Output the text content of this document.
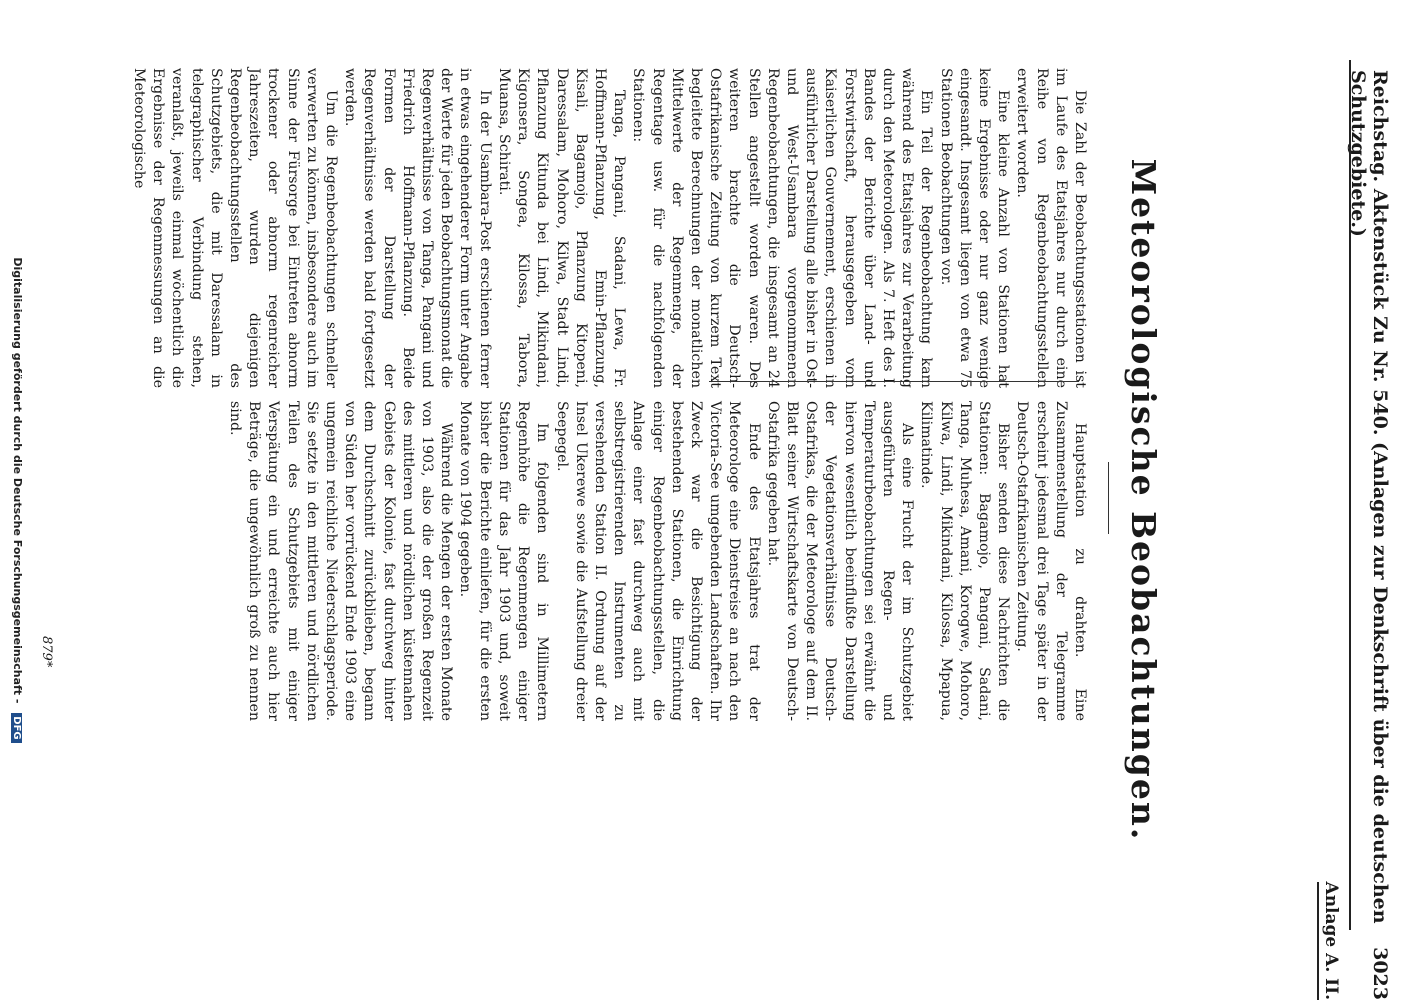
Reichstag. Aktenstück Zu Nr. 540. (Anlagen zur Denkschrift über die deutschen Schutzgebiete.)
3023
Anlage A. II.
Meteorologische Beobachtungen.

Die Zahl der Beobachtungsstationen ist im Laufe des Etatsjahres nur durch eine Reihe von Regenbeobachtungsstellen erweitert worden.

Eine kleine Anzahl von Stationen hat keine Ergebnisse oder nur ganz wenige eingesandt. Insgesamt liegen von etwa 75 Stationen Beobachtungen vor.

Ein Teil der Regenbeobachtung kam während des Etatsjahres zur Verarbeitung durch den Meteorologen. Als 7. Heft des I. Bandes der Berichte über Land- und Forstwirtschaft, herausgegeben vom Kaiserlichen Gouvernement, erschienen in ausführlicher Darstellung alle bisher in Ost- und West-Usambara vorgenommenen Regenbeobachtungen, die insgesamt an 24 Stellen angestellt worden waren. Des weiteren brachte die Deutsch-Ostafrikanische Zeitung von kurzem Text begleitete Berechnungen der monatlichen Mittelwerte der Regenmenge, der Regentage usw. für die nachfolgenden Stationen:

Tanga, Pangani, Sadani, Lewa, Fr. Hoffmann-Pflanzung, Emin-Pflanzung, Kisali, Bagamojo, Pflanzung Kitopeni, Daressalam, Mohoro, Kilwa, Stadt Lindi, Pflanzung Kitunda bei Lindi, Mikindani, Kigonsera, Songea, Kilossa, Tabora, Muansa, Schirati.

In der Usambara-Post erschienen ferner in etwas eingehenderer Form unter Angabe der Werte für jeden Beobachtungsmonat die Regenverhältnisse von Tanga, Pangani und Friedrich Hoffmann-Pflanzung. Beide Formen der Darstellung der Regenverhältnisse werden bald fortgesetzt werden.

Um die Regenbeobachtungen schneller verwerten zu können, insbesondere auch im Sinne der Fürsorge bei Eintreten abnorm trockener oder abnorm regenreicher Jahreszeiten, wurden diejenigen Regenbeobachtungsstellen des Schutzgebiets, die mit Daressalam in telegraphischer Verbindung stehen, veranlaßt, jeweils einmal wöchentlich die Ergebnisse der Regenmessungen an die Meteorologische

Hauptstation zu drahten. Eine Zusammenstellung der Telegramme erscheint jedesmal drei Tage später in der Deutsch-Ostafrikanischen Zeitung.

Bisher senden diese Nachrichten die Stationen: Bagamojo, Pangani, Sadani, Tanga, Muhesa, Amani, Korogwe, Mohoro, Kilwa, Lindi, Mikindani, Kilossa, Mpapua, Kilimatinde.

Als eine Frucht der im Schutzgebiet ausgeführten Regen- und Temperaturbeobachtungen sei erwähnt die hiervon wesentlich beeinflußte Darstellung der Vegetationsverhältnisse Deutsch-Ostafrikas, die der Meteorologe auf dem II. Blatt seiner Wirtschaftskarte von Deutsch-Ostafrika gegeben hat.

Ende des Etatsjahres trat der Meteorologe eine Dienstreise an nach den Victoria-See umgebenden Landschaften. Ihr Zweck war die Besichtigung der bestehenden Stationen, die Einrichtung einiger Regenbeobachtungsstellen, die Anlage einer fast durchweg auch mit selbstregistrierenden Instrumenten zu versehenden Station II. Ordnung auf der Insel Ukerewe sowie die Aufstellung dreier Seepegel.

Im folgenden sind in Millimetern Regenhöhe die Regenmengen einiger Stationen für das Jahr 1903 und, soweit bisher die Berichte einliefen, für die ersten Monate von 1904 gegeben.

Während die Mengen der ersten Monate von 1903, also die der großen Regenzeit des mittleren und nördlichen küstennahen Gebiets der Kolonie, fast durchweg hinter dem Durchschnitt zurückblieben, begann von Süden her vorrückend Ende 1903 eine ungemein reichliche Niederschlagsperiode. Sie setzte in den mittleren und nördlichen Teilen des Schutzgebiets mit einiger Verspätung ein und erreichte auch hier Beträge, die ungewöhnlich groß zu nennen sind.

879*
Digitalisierung gefördert durch die Deutsche Forschungsgemeinschaft - DFG
